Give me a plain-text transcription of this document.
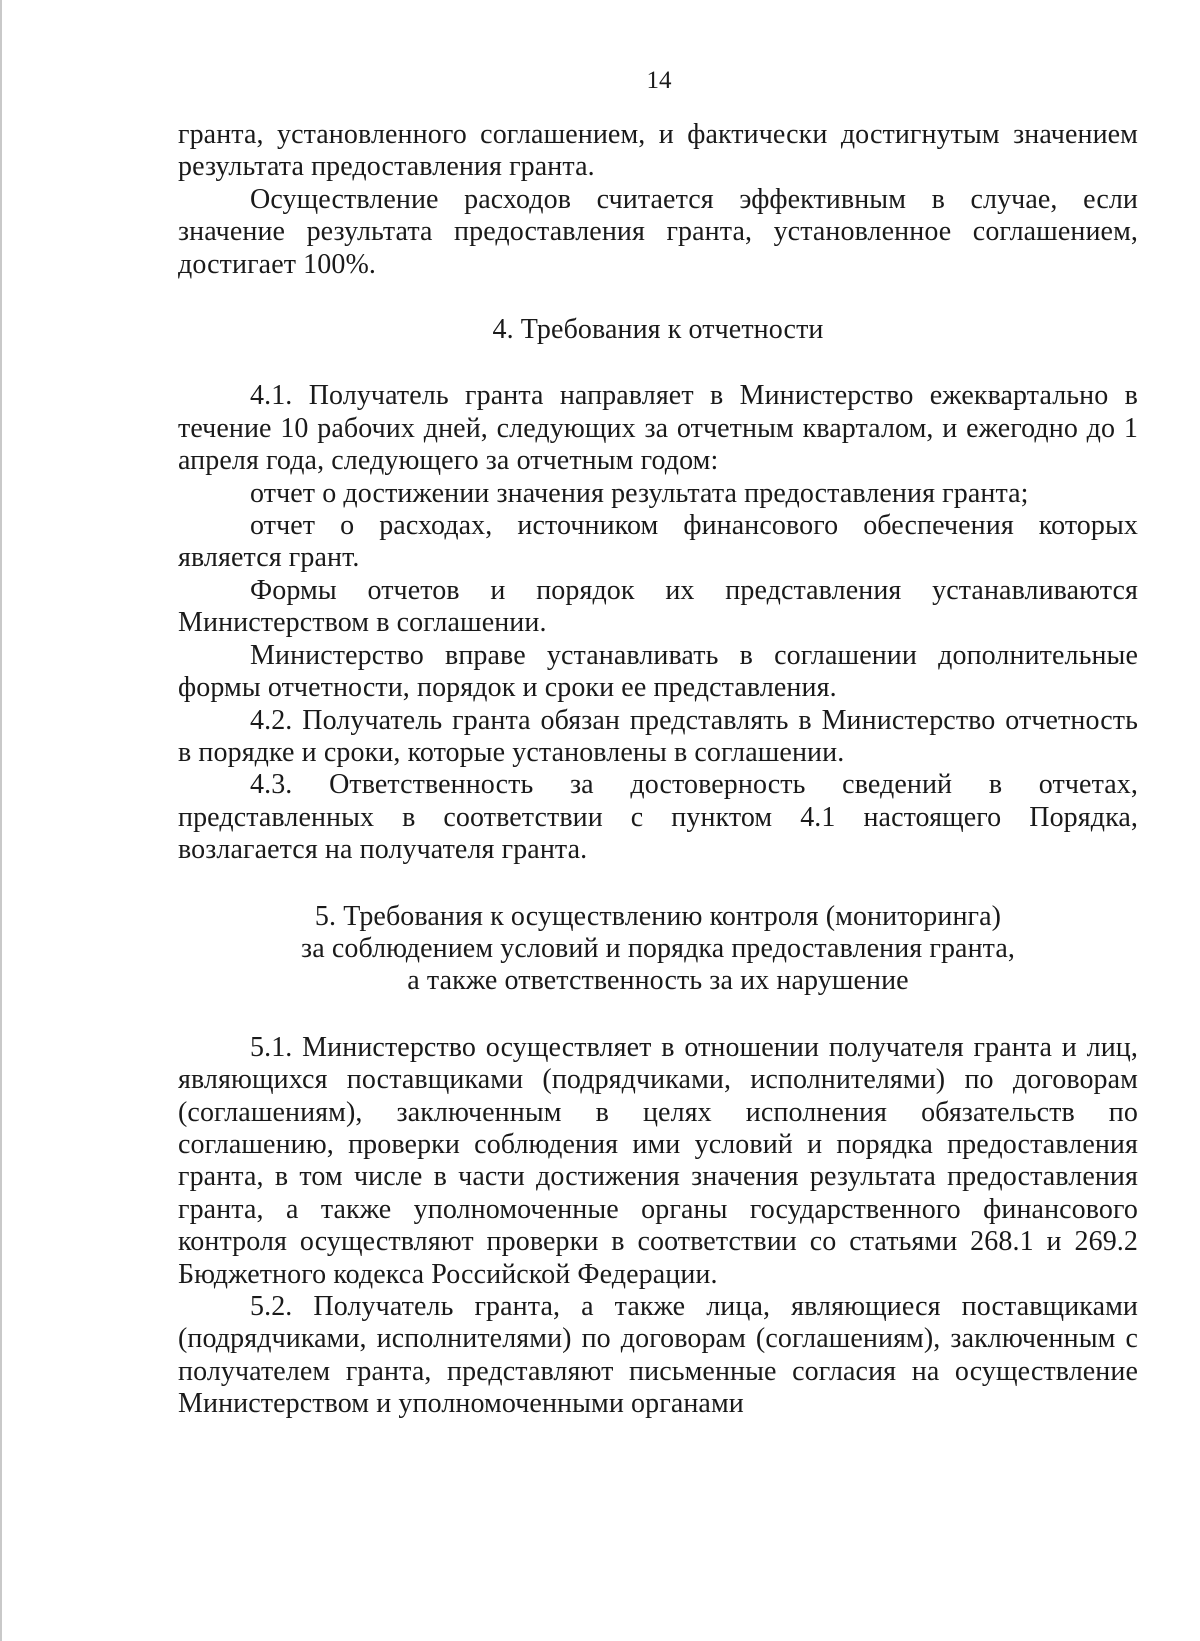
14

гранта, установленного соглашением, и фактически достигнутым значением результата предоставления гранта.

Осуществление расходов считается эффективным в случае, если значение результата предоставления гранта, установленное соглашением, достигает 100%.

4. Требования к отчетности

4.1. Получатель гранта направляет в Министерство ежеквартально в течение 10 рабочих дней, следующих за отчетным кварталом, и ежегодно до 1 апреля года, следующего за отчетным годом:

отчет о достижении значения результата предоставления гранта;

отчет о расходах, источником финансового обеспечения которых является грант.

Формы отчетов и порядок их представления устанавливаются Министерством в соглашении.

Министерство вправе устанавливать в соглашении дополнительные формы отчетности, порядок и сроки ее представления.

4.2. Получатель гранта обязан представлять в Министерство отчетность в порядке и сроки, которые установлены в соглашении.

4.3. Ответственность за достоверность сведений в отчетах, представленных в соответствии с пунктом 4.1 настоящего Порядка, возлагается на получателя гранта.

5. Требования к осуществлению контроля (мониторинга)
за соблюдением условий и порядка предоставления гранта,
а также ответственность за их нарушение

5.1. Министерство осуществляет в отношении получателя гранта и лиц, являющихся поставщиками (подрядчиками, исполнителями) по договорам (соглашениям), заключенным в целях исполнения обязательств по соглашению, проверки соблюдения ими условий и порядка предоставления гранта, в том числе в части достижения значения результата предоставления гранта, а также уполномоченные органы государственного финансового контроля осуществляют проверки в соответствии со статьями 268.1 и 269.2 Бюджетного кодекса Российской Федерации.

5.2. Получатель гранта, а также лица, являющиеся поставщиками (подрядчиками, исполнителями) по договорам (соглашениям), заключенным с получателем гранта, представляют письменные согласия на осуществление Министерством и уполномоченными органами
